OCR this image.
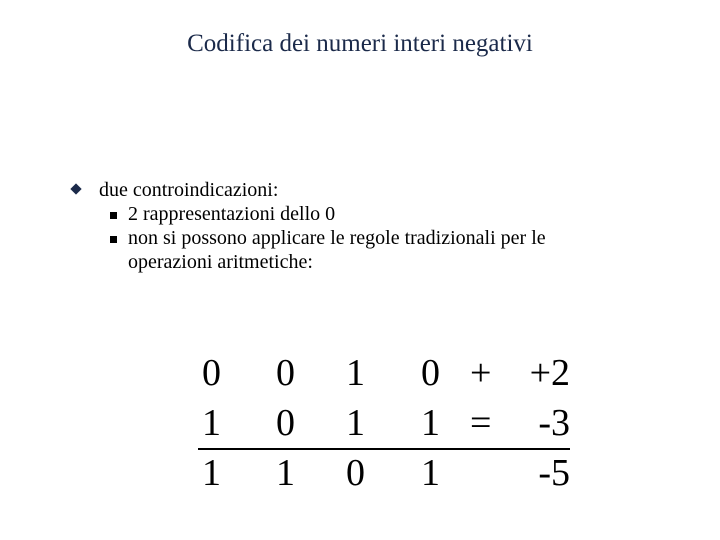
Codifica dei numeri interi negativi
due controindicazioni:
2 rappresentazioni dello 0
non si possono applicare le regole tradizionali per le
operazioni aritmetiche:
0 0 1 0 + +2
1 0 1 1 = -3
1 1 0 1	-5
